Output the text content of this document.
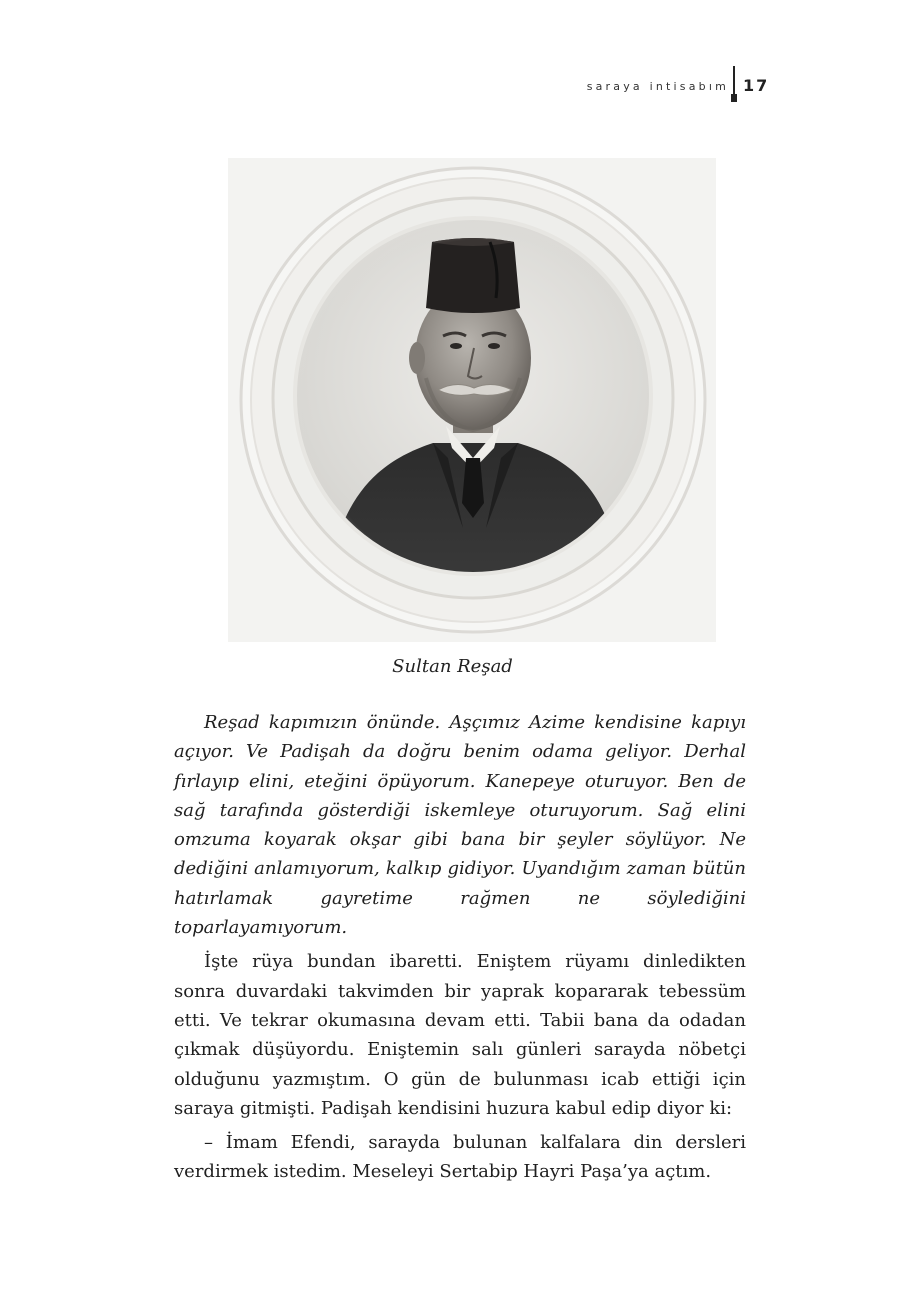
saraya intisabım 17
Sultan Reşad

Reşad kapımızın önünde. Aşçımız Azime kendisine kapıyı açıyor. Ve Padişah da doğru benim odama geliyor. Derhal fırlayıp elini, eteğini öpüyorum. Kanepeye oturuyor. Ben de sağ tarafında gösterdiği iskemleye oturuyorum. Sağ elini omzuma koyarak okşar gibi bana bir şeyler söylüyor. Ne dediğini anlamıyorum, kalkıp gidiyor. Uyandığım zaman bütün hatırlamak gayretime rağmen ne söylediğini toparlayamıyorum.

İşte rüya bundan ibaretti. Eniştem rüyamı dinledikten sonra duvardaki takvimden bir yaprak kopararak tebessüm etti. Ve tekrar okumasına devam etti. Tabii bana da odadan çıkmak düşüyordu. Eniştemin salı günleri sarayda nöbetçi olduğunu yazmıştım. O gün de bulunması icab ettiği için saraya gitmişti. Padişah kendisini huzura kabul edip diyor ki:

– İmam Efendi, sarayda bulunan kalfalara din dersleri verdirmek istedim. Meseleyi Sertabip Hayri Paşa’ya açtım.
